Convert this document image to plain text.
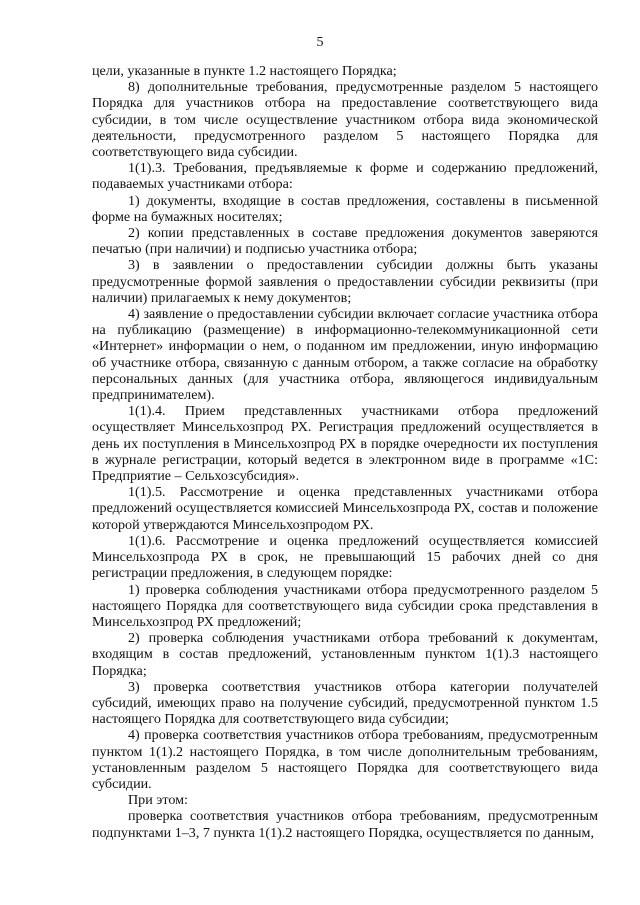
5

цели, указанные в пункте 1.2 настоящего Порядка;

8) дополнительные требования, предусмотренные разделом 5 настоящего Порядка для участников отбора на предоставление соответствующего вида субсидии, в том числе осуществление участником отбора вида экономической деятельности, предусмотренного разделом 5 настоящего Порядка для соответствующего вида субсидии.

1(1).3. Требования, предъявляемые к форме и содержанию предложений, подаваемых участниками отбора:

1) документы, входящие в состав предложения, составлены в письменной форме на бумажных носителях;

2) копии представленных в составе предложения документов заверяются печатью (при наличии) и подписью участника отбора;

3) в заявлении о предоставлении субсидии должны быть указаны предусмотренные формой заявления о предоставлении субсидии реквизиты (при наличии) прилагаемых к нему документов;

4) заявление о предоставлении субсидии включает согласие участника отбора на публикацию (размещение) в информационно-телекоммуникационной сети «Интернет» информации о нем, о поданном им предложении, иную информацию об участнике отбора, связанную с данным отбором, а также согласие на обработку персональных данных (для участника отбора, являющегося индивидуальным предпринимателем).

1(1).4. Прием представленных участниками отбора предложений осуществляет Минсельхозпрод РХ. Регистрация предложений осуществляется в день их поступления в Минсельхозпрод РХ в порядке очередности их поступления в журнале регистрации, который ведется в электронном виде в программе «1С: Предприятие – Сельхозсубсидия».

1(1).5. Рассмотрение и оценка представленных участниками отбора предложений осуществляется комиссией Минсельхозпрода РХ, состав и положение которой утверждаются Минсельхозпродом РХ.

1(1).6. Рассмотрение и оценка предложений осуществляется комиссией Минсельхозпрода РХ в срок, не превышающий 15 рабочих дней со дня регистрации предложения, в следующем порядке:

1) проверка соблюдения участниками отбора предусмотренного разделом 5 настоящего Порядка для соответствующего вида субсидии срока представления в Минсельхозпрод РХ предложений;

2) проверка соблюдения участниками отбора требований к документам, входящим в состав предложений, установленным пунктом 1(1).3 настоящего Порядка;

3) проверка соответствия участников отбора категории получателей субсидий, имеющих право на получение субсидий, предусмотренной пунктом 1.5 настоящего Порядка для соответствующего вида субсидии;

4) проверка соответствия участников отбора требованиям, предусмотренным пунктом 1(1).2 настоящего Порядка, в том числе дополнительным требованиям, установленным разделом 5 настоящего Порядка для соответствующего вида субсидии.

При этом:

проверка соответствия участников отбора требованиям, предусмотренным подпунктами 1–3, 7 пункта 1(1).2 настоящего Порядка, осуществляется по данным,
